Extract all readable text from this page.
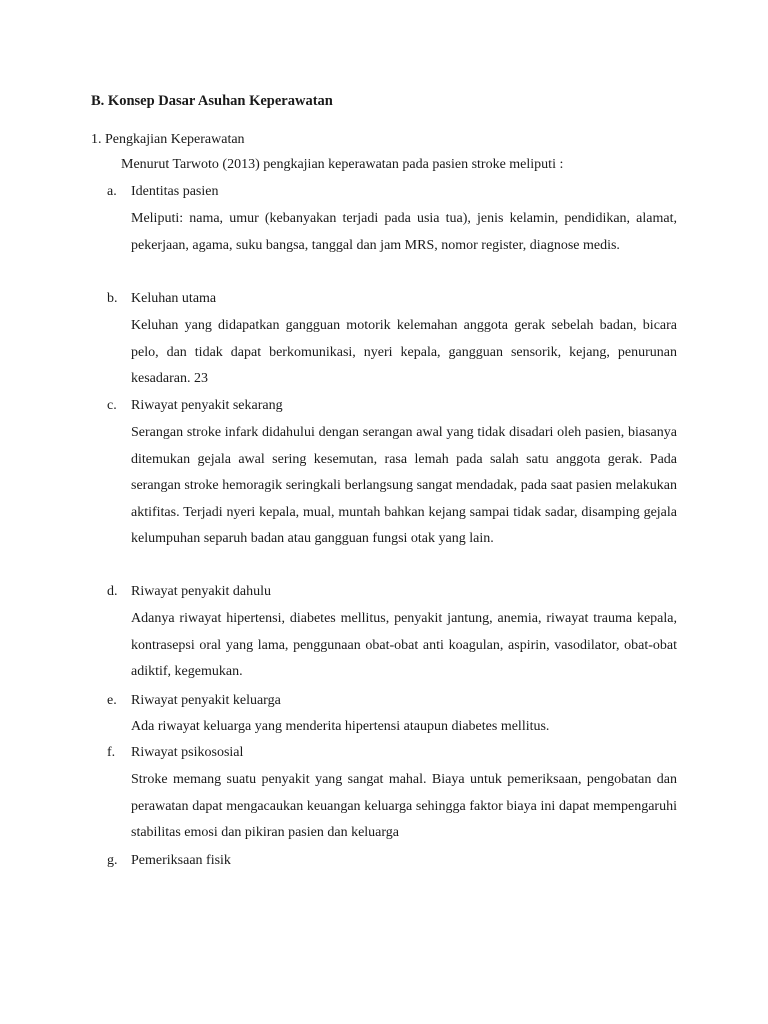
B. Konsep Dasar Asuhan Keperawatan
1. Pengkajian Keperawatan
Menurut Tarwoto (2013) pengkajian keperawatan pada pasien stroke meliputi :
a. Identitas pasien

Meliputi: nama, umur (kebanyakan terjadi pada usia tua), jenis kelamin, pendidikan, alamat, pekerjaan, agama, suku bangsa, tanggal dan jam MRS, nomor register, diagnose medis.

b. Keluhan utama

Keluhan yang didapatkan gangguan motorik kelemahan anggota gerak sebelah badan, bicara pelo, dan tidak dapat berkomunikasi, nyeri kepala, gangguan sensorik, kejang, penurunan kesadaran. 23

c. Riwayat penyakit sekarang

Serangan stroke infark didahului dengan serangan awal yang tidak disadari oleh pasien, biasanya ditemukan gejala awal sering kesemutan, rasa lemah pada salah satu anggota gerak. Pada serangan stroke hemoragik seringkali berlangsung sangat mendadak, pada saat pasien melakukan aktifitas. Terjadi nyeri kepala, mual, muntah bahkan kejang sampai tidak sadar, disamping gejala kelumpuhan separuh badan atau gangguan fungsi otak yang lain.

d. Riwayat penyakit dahulu

Adanya riwayat hipertensi, diabetes mellitus, penyakit jantung, anemia, riwayat trauma kepala, kontrasepsi oral yang lama, penggunaan obat-obat anti koagulan, aspirin, vasodilator, obat-obat adiktif, kegemukan.

e. Riwayat penyakit keluarga

Ada riwayat keluarga yang menderita hipertensi ataupun diabetes mellitus.

f. Riwayat psikososial

Stroke memang suatu penyakit yang sangat mahal. Biaya untuk pemeriksaan, pengobatan dan perawatan dapat mengacaukan keuangan keluarga sehingga faktor biaya ini dapat mempengaruhi stabilitas emosi dan pikiran pasien dan keluarga

g. Pemeriksaan fisik
